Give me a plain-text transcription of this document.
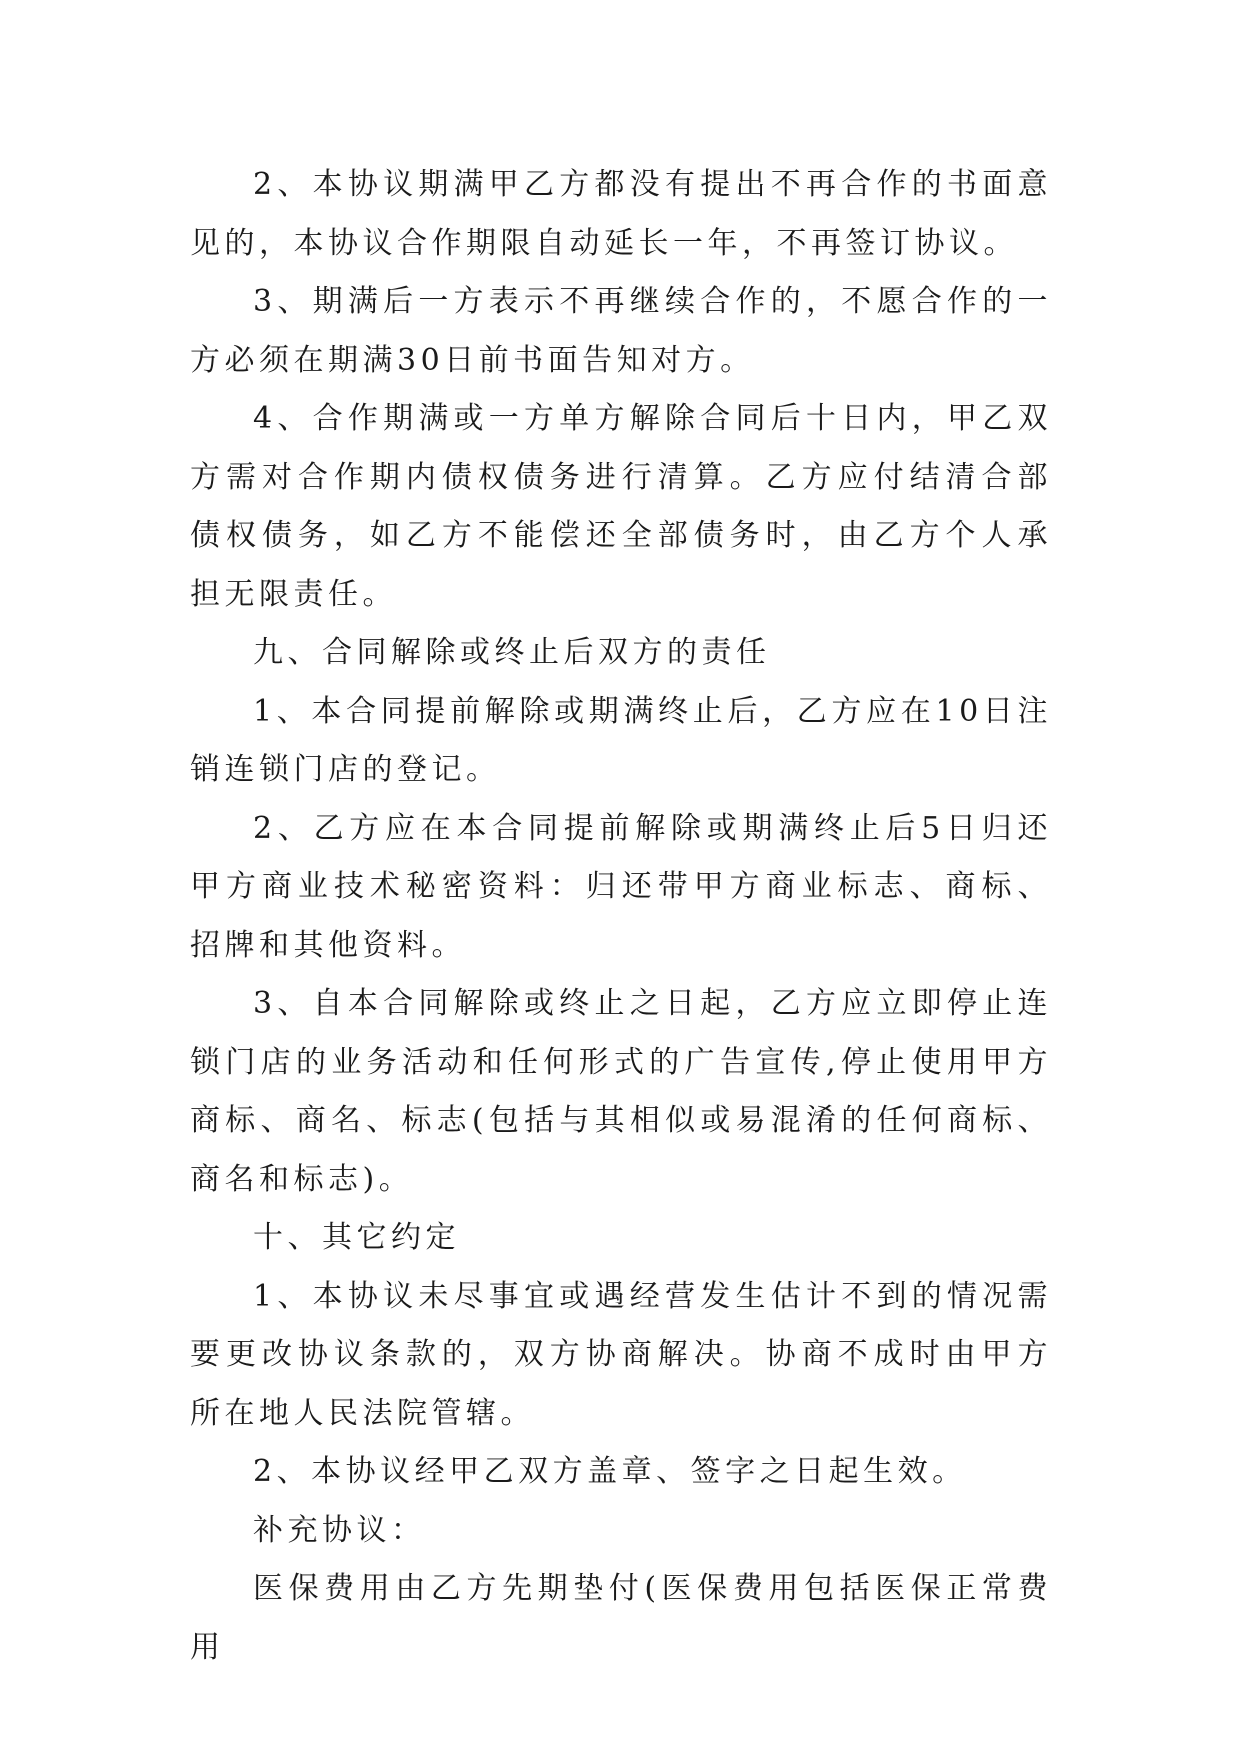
2、本协议期满甲乙方都没有提出不再合作的书面意见的，本协议合作期限自动延长一年，不再签订协议。

3、期满后一方表示不再继续合作的，不愿合作的一方必须在期满30日前书面告知对方。

4、合作期满或一方单方解除合同后十日内，甲乙双方需对合作期内债权债务进行清算。乙方应付结清合部债权债务，如乙方不能偿还全部债务时，由乙方个人承担无限责任。

九、合同解除或终止后双方的责任

1、本合同提前解除或期满终止后，乙方应在10日注销连锁门店的登记。

2、乙方应在本合同提前解除或期满终止后5日归还甲方商业技术秘密资料：归还带甲方商业标志、商标、招牌和其他资料。

3、自本合同解除或终止之日起，乙方应立即停止连锁门店的业务活动和任何形式的广告宣传,停止使用甲方商标、商名、标志(包括与其相似或易混淆的任何商标、商名和标志)。

十、其它约定

1、本协议未尽事宜或遇经营发生估计不到的情况需要更改协议条款的，双方协商解决。协商不成时由甲方所在地人民法院管辖。

2、本协议经甲乙双方盖章、签字之日起生效。

补充协议：

医保费用由乙方先期垫付(医保费用包括医保正常费用
